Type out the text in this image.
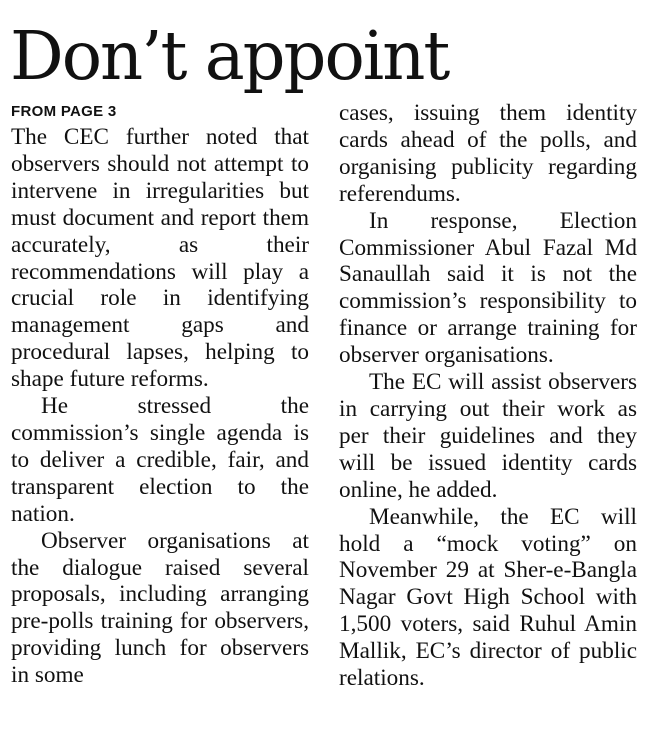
Don’t appoint
FROM PAGE 3

The CEC further noted that observers should not attempt to intervene in irregularities but must document and report them accurately, as their recommendations will play a crucial role in identifying management gaps and procedural lapses, helping to shape future reforms.

He stressed the commission’s single agenda is to deliver a credible, fair, and transparent election to the nation.

Observer organisations at the dialogue raised several proposals, including arranging pre-polls training for observers, providing lunch for observers in some

cases, issuing them identity cards ahead of the polls, and organising publicity regarding referendums.

In response, Election Commissioner Abul Fazal Md Sanaullah said it is not the commission’s responsibility to finance or arrange training for observer organisations.

The EC will assist observers in carrying out their work as per their guidelines and they will be issued identity cards online, he added.

Meanwhile, the EC will hold a “mock voting” on November 29 at Sher-e-Bangla Nagar Govt High School with 1,500 voters, said Ruhul Amin Mallik, EC’s director of public relations.
